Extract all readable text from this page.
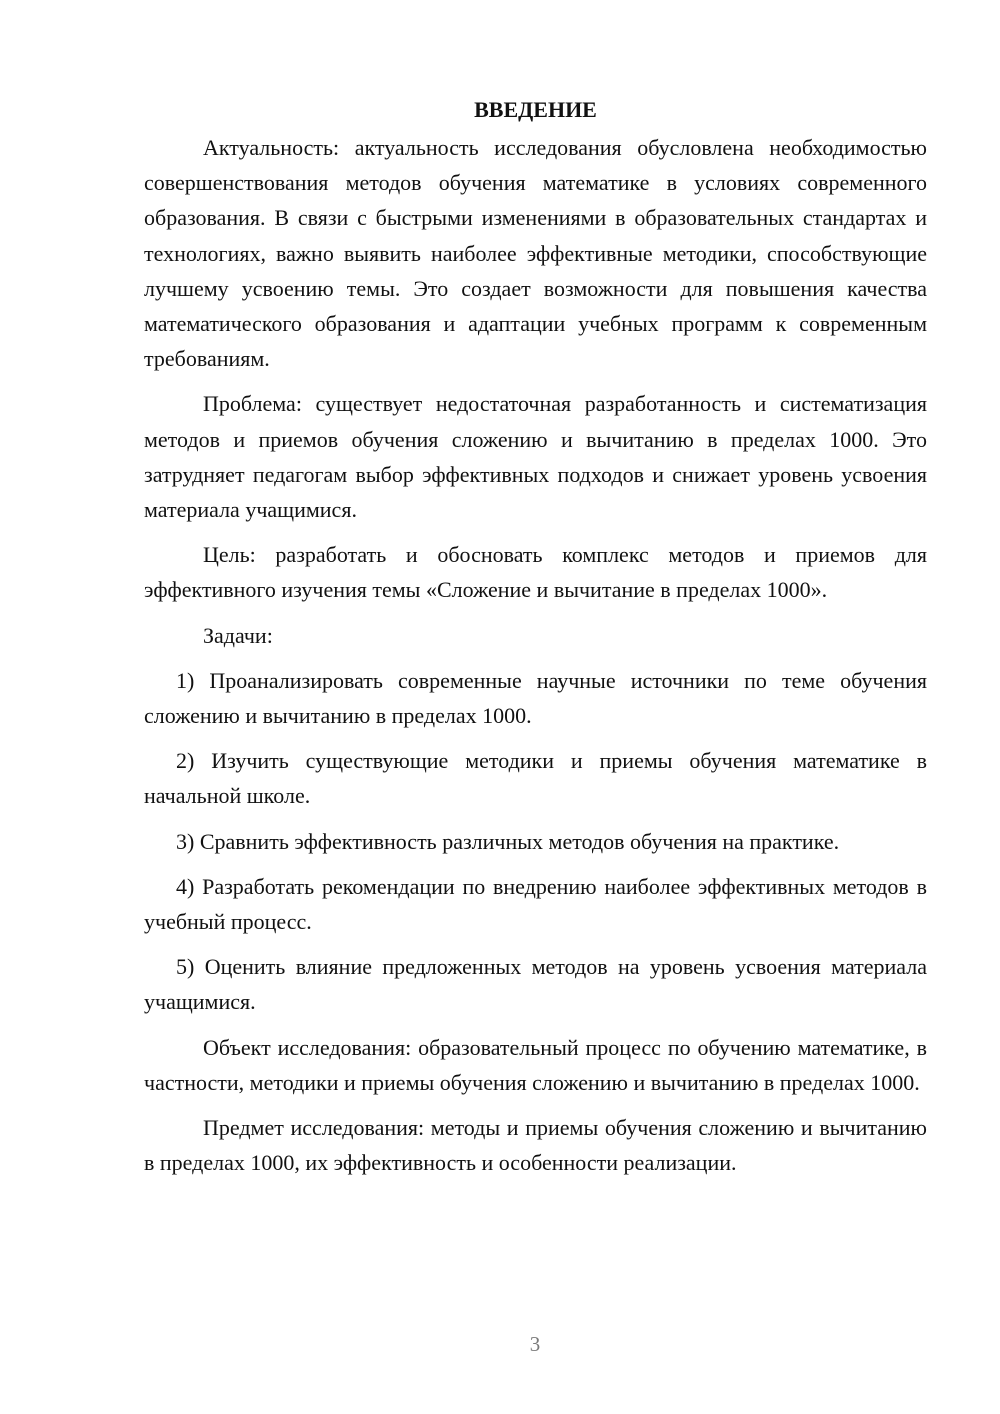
ВВЕДЕНИЕ

Актуальность: актуальность исследования обусловлена необходимостью совершенствования методов обучения математике в условиях современного образования. В связи с быстрыми изменениями в образовательных стандартах и технологиях, важно выявить наиболее эффективные методики, способствующие лучшему усвоению темы. Это создает возможности для повышения качества математического образования и адаптации учебных программ к современным требованиям.

Проблема: существует недостаточная разработанность и систематизация методов и приемов обучения сложению и вычитанию в пределах 1000. Это затрудняет педагогам выбор эффективных подходов и снижает уровень усвоения материала учащимися.

Цель: разработать и обосновать комплекс методов и приемов для эффективного изучения темы «Сложение и вычитание в пределах 1000».

Задачи:

1) Проанализировать современные научные источники по теме обучения сложению и вычитанию в пределах 1000.

2) Изучить существующие методики и приемы обучения математике в начальной школе.

3) Сравнить эффективность различных методов обучения на практике.

4) Разработать рекомендации по внедрению наиболее эффективных методов в учебный процесс.

5) Оценить влияние предложенных методов на уровень усвоения материала учащимися.

Объект исследования: образовательный процесс по обучению математике, в частности, методики и приемы обучения сложению и вычитанию в пределах 1000.

Предмет исследования: методы и приемы обучения сложению и вычитанию в пределах 1000, их эффективность и особенности реализации.

3
